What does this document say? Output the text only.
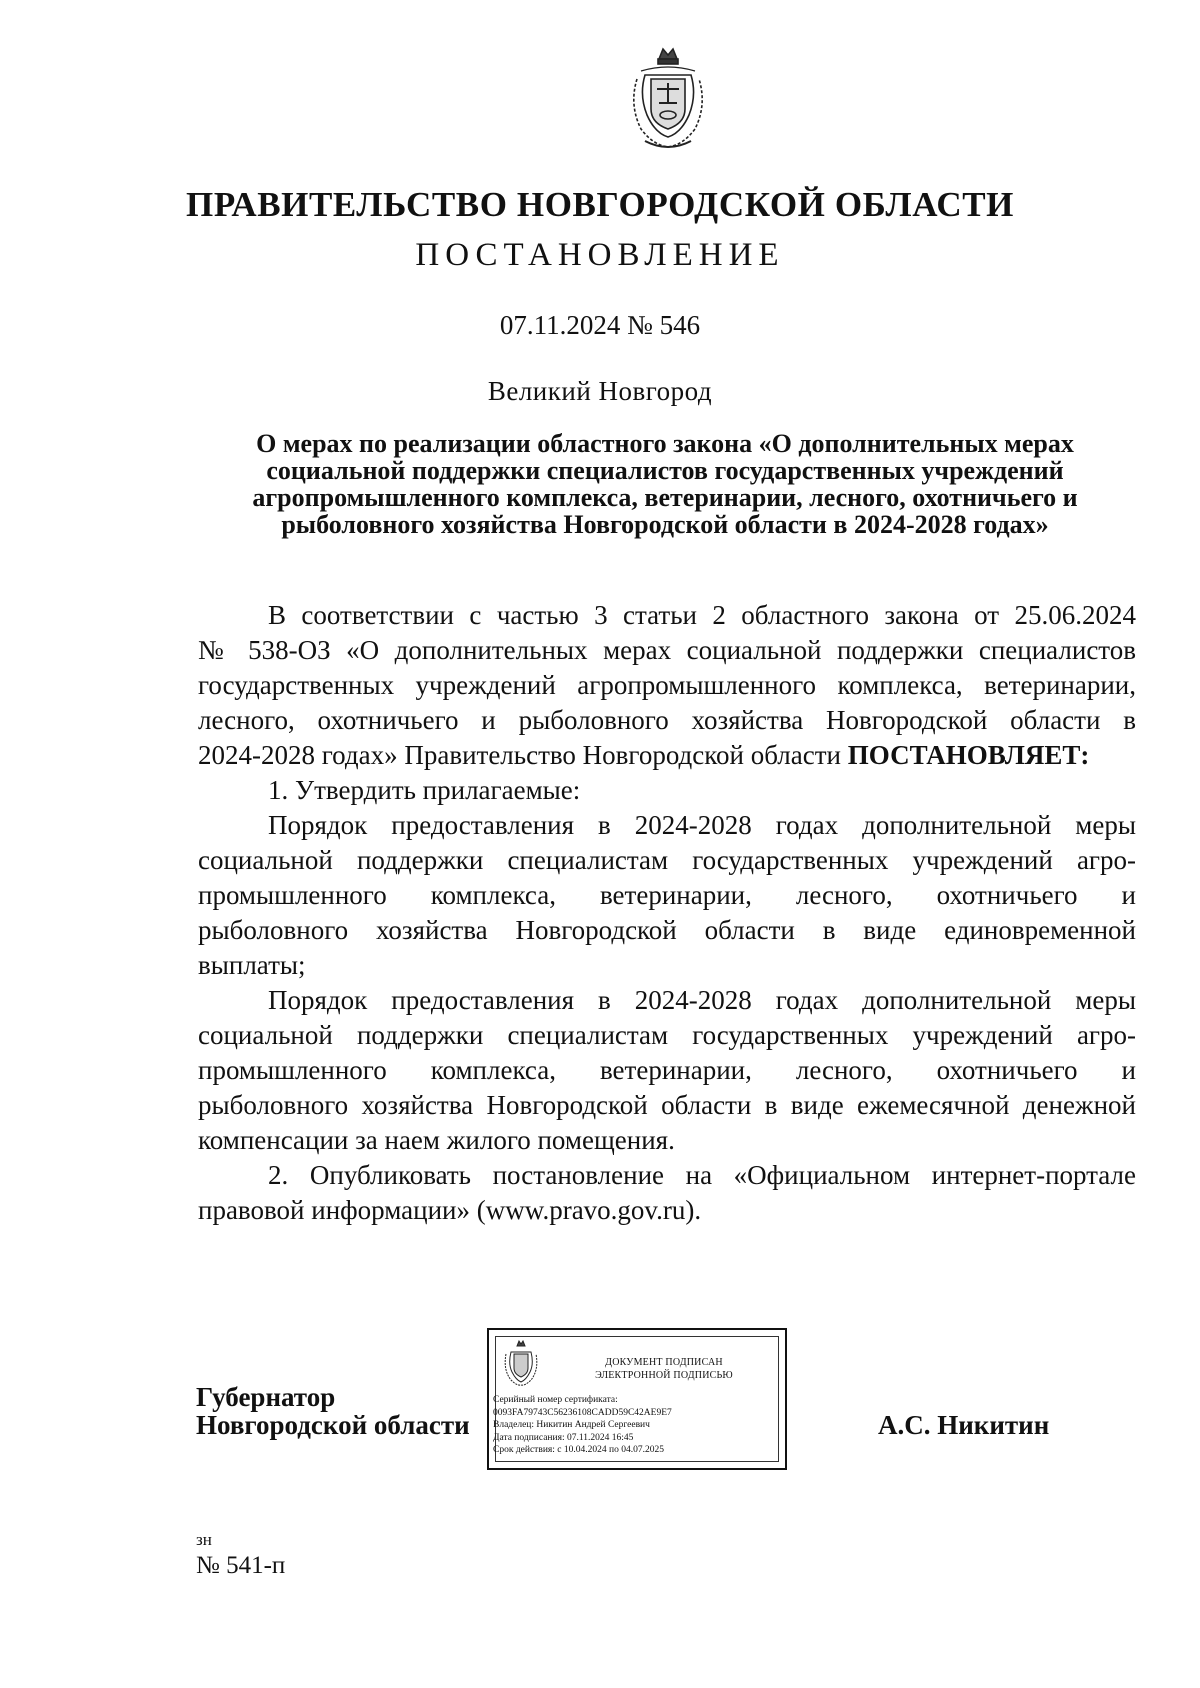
ПРАВИТЕЛЬСТВО НОВГОРОДСКОЙ ОБЛАСТИ
ПОСТАНОВЛЕНИЕ
07.11.2024 № 546
Великий Новгород
О мерах по реализации областного закона «О дополнительных мерах
социальной поддержки специалистов государственных учреждений
агропромышленного комплекса, ветеринарии, лесного, охотничьего и
рыболовного хозяйства Новгородской области в 2024-2028 годах»

В соответствии с частью 3 статьи 2 областного закона от 25.06.2024
№ 538-ОЗ «О дополнительных мерах социальной поддержки специалистов
государственных учреждений агропромышленного комплекса, ветеринарии,
лесного, охотничьего и рыболовного хозяйства Новгородской области в
2024-2028 годах» Правительство Новгородской области ПОСТАНОВЛЯЕТ:

1. Утвердить прилагаемые:

Порядок предоставления в 2024-2028 годах дополнительной меры
социальной поддержки специалистам государственных учреждений агро-
промышленного комплекса, ветеринарии, лесного, охотничьего и
рыболовного хозяйства Новгородской области в виде единовременной
выплаты;

Порядок предоставления в 2024-2028 годах дополнительной меры
социальной поддержки специалистам государственных учреждений агро-
промышленного комплекса, ветеринарии, лесного, охотничьего и
рыболовного хозяйства Новгородской области в виде ежемесячной денежной
компенсации за наем жилого помещения.

2. Опубликовать постановление на «Официальном интернет-портале
правовой информации» (www.pravo.gov.ru).

Губернатор
Новгородской области
ДОКУМЕНТ ПОДПИСАН
ЭЛЕКТРОННОЙ ПОДПИСЬЮ
Серийный номер сертификата:
0093FA79743C56236108CADD59C42AE9E7
Владелец: Никитин Андрей Сергеевич
Дата подписания: 07.11.2024 16:45
Срок действия: с 10.04.2024 по 04.07.2025
А.С. Никитин
зн
№ 541-п
